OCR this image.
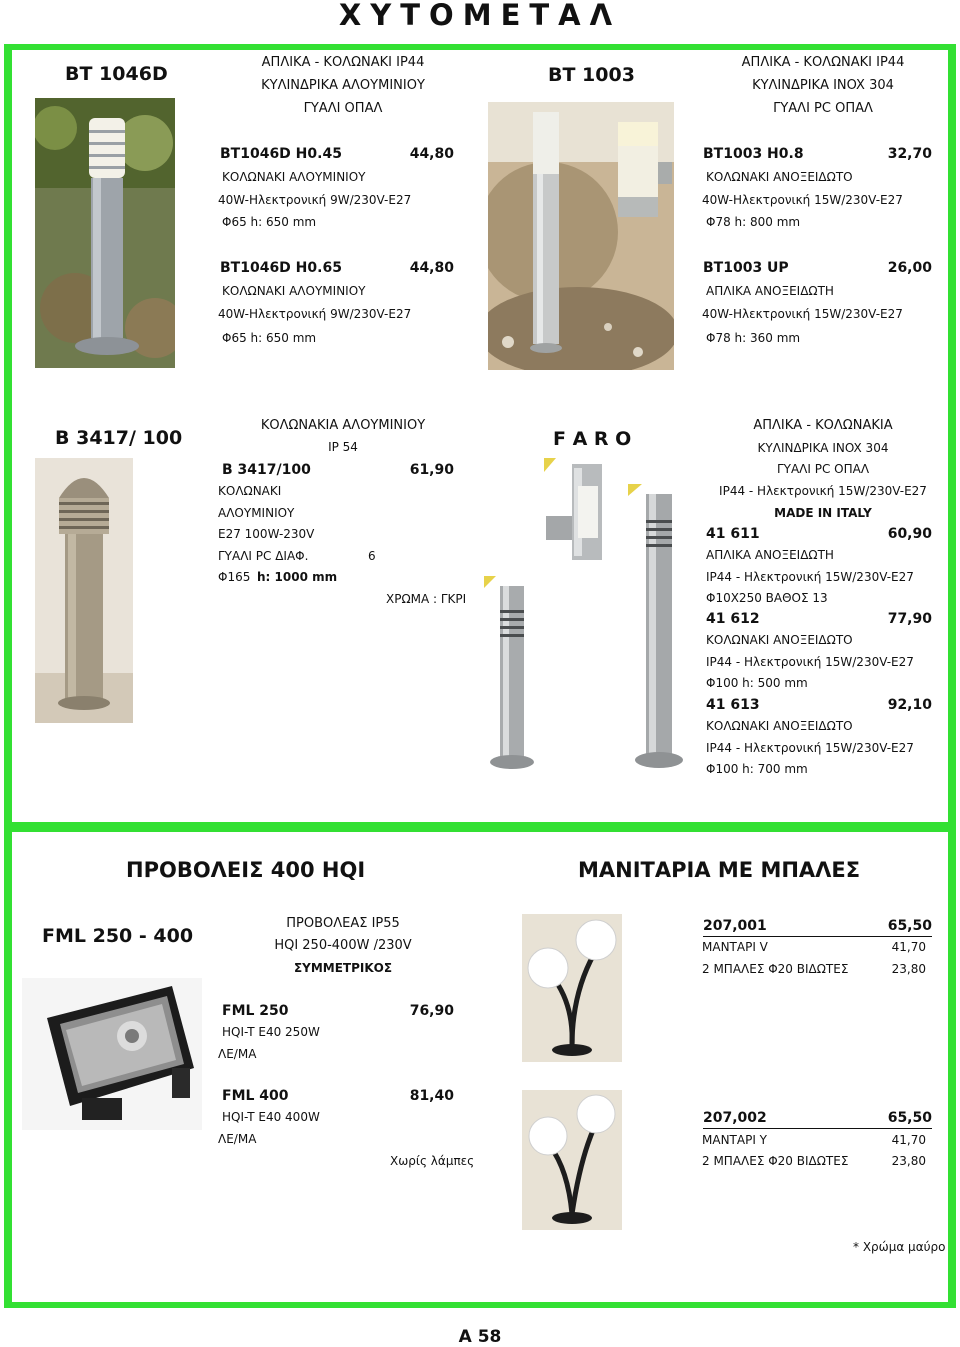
ΧΥΤΟΜΕΤΑΛ
BT 1046D
ΑΠΛΙΚΑ - ΚΟΛΩΝΑΚΙ IP44
ΚΥΛΙΝΔΡΙΚΑ ΑΛΟΥΜΙΝΙΟΥ
ΓΥΑΛΙ ΟΠΑΛ
BT1046D H0.45	44,80
ΚΟΛΩΝΑΚΙ ΑΛΟΥΜΙΝΙΟΥ
40W-Ηλεκτρονική 9W/230V-E27
Φ65 h: 650 mm
BT1046D H0.65	44,80
ΚΟΛΩΝΑΚΙ ΑΛΟΥΜΙΝΙΟΥ
40W-Ηλεκτρονική 9W/230V-E27
Φ65 h: 650 mm
BT 1003
ΑΠΛΙΚΑ - ΚΟΛΩΝΑΚΙ IP44
ΚΥΛΙΝΔΡΙΚΑ INOX 304
ΓΥΑΛΙ PC ΟΠΑΛ
BT1003 H0.8	32,70
ΚΟΛΩΝΑΚΙ ΑΝΟΞΕΙΔΩΤΟ
40W-Ηλεκτρονική 15W/230V-E27
Φ78 h: 800 mm
BT1003 UP	26,00
ΑΠΛΙΚΑ ΑΝΟΞΕΙΔΩΤΗ
40W-Ηλεκτρονική 15W/230V-E27
Φ78 h: 360 mm
B 3417/ 100
ΚΟΛΩΝΑΚΙΑ ΑΛΟΥΜΙΝΙΟΥ
IP 54
B 3417/100	61,90
ΚΟΛΩΝΑΚΙ
ΑΛΟΥΜΙΝΙΟΥ
E27 100W-230V
ΓΥΑΛΙ PC ΔΙΑΦ.	6
Φ165 h: 1000 mm
ΧΡΩΜΑ : ΓΚΡΙ
F A R O
ΑΠΛΙΚΑ - ΚΟΛΩΝΑΚΙΑ
ΚΥΛΙΝΔΡΙΚΑ INOX 304
ΓΥΑΛΙ PC ΟΠΑΛ
IP44 - Ηλεκτρονική 15W/230V-E27
MADE IN ITALY
41 611	60,90
ΑΠΛΙΚΑ ΑΝΟΞΕΙΔΩΤΗ
IP44 - Ηλεκτρονική 15W/230V-E27
Φ10Χ250 ΒΑΘΟΣ 13
41 612	77,90
ΚΟΛΩΝΑΚΙ ΑΝΟΞΕΙΔΩΤΟ
IP44 - Ηλεκτρονική 15W/230V-E27
Φ100 h: 500 mm
41 613	92,10
ΚΟΛΩΝΑΚΙ ΑΝΟΞΕΙΔΩΤΟ
IP44 - Ηλεκτρονική 15W/230V-E27
Φ100 h: 700 mm
ΠΡΟΒΟΛΕΙΣ 400 HQI
FML 250 - 400
ΠΡΟΒΟΛΕΑΣ IP55
HQI 250-400W /230V
ΣΥΜΜΕΤΡΙΚΟΣ
FML 250	76,90
HQI-T E40 250W
ΛΕ/ΜΑ
FML 400	81,40
HQI-T E40 400W
ΛΕ/ΜΑ
Χωρίς λάμπες
ΜΑΝΙΤΑΡΙΑ ΜΕ ΜΠΑΛΕΣ
207,001	65,50
ΜΑΝΤΑΡΙ V	41,70
2 ΜΠΑΛΕΣ Φ20 ΒΙΔΩΤΕΣ	23,80
207,002	65,50
ΜΑΝΤΑΡΙ Υ	41,70
2 ΜΠΑΛΕΣ Φ20 ΒΙΔΩΤΕΣ	23,80
* Χρώμα μαύρο
A 58
